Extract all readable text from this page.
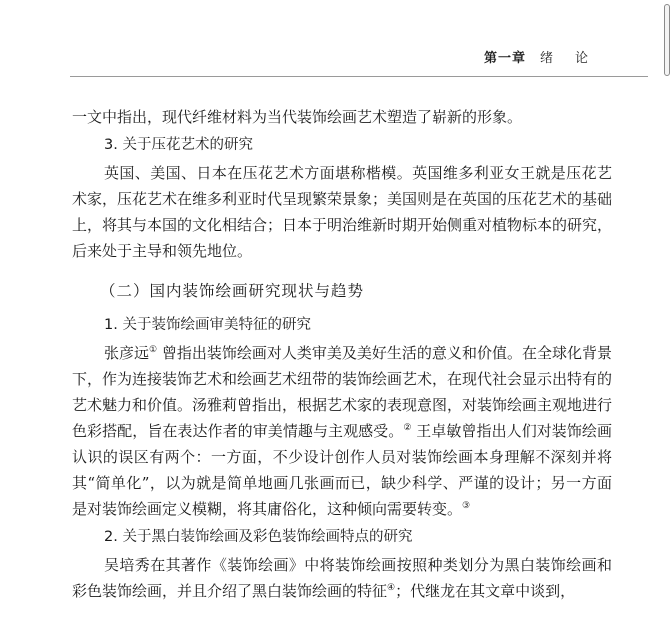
第一章 绪论

一文中指出，现代纤维材料为当代装饰绘画艺术塑造了崭新的形象。

3. 关于压花艺术的研究

英国、美国、日本在压花艺术方面堪称楷模。英国维多利亚女王就是压花艺术家，压花艺术在维多利亚时代呈现繁荣景象；美国则是在英国的压花艺术的基础上，将其与本国的文化相结合；日本于明治维新时期开始侧重对植物标本的研究，后来处于主导和领先地位。

（二）国内装饰绘画研究现状与趋势
1. 关于装饰绘画审美特征的研究

张彦远① 曾指出装饰绘画对人类审美及美好生活的意义和价值。在全球化背景下，作为连接装饰艺术和绘画艺术纽带的装饰绘画艺术，在现代社会显示出特有的艺术魅力和价值。汤雅莉曾指出，根据艺术家的表现意图，对装饰绘画主观地进行色彩搭配，旨在表达作者的审美情趣与主观感受。② 王卓敏曾指出人们对装饰绘画认识的误区有两个：一方面，不少设计创作人员对装饰绘画本身理解不深刻并将其“简单化”，以为就是简单地画几张画而已，缺少科学、严谨的设计；另一方面是对装饰绘画定义模糊，将其庸俗化，这种倾向需要转变。③

2. 关于黑白装饰绘画及彩色装饰绘画特点的研究

吴培秀在其著作《装饰绘画》中将装饰绘画按照种类划分为黑白装饰绘画和彩色装饰绘画，并且介绍了黑白装饰绘画的特征④；代继龙在其文章中谈到，
